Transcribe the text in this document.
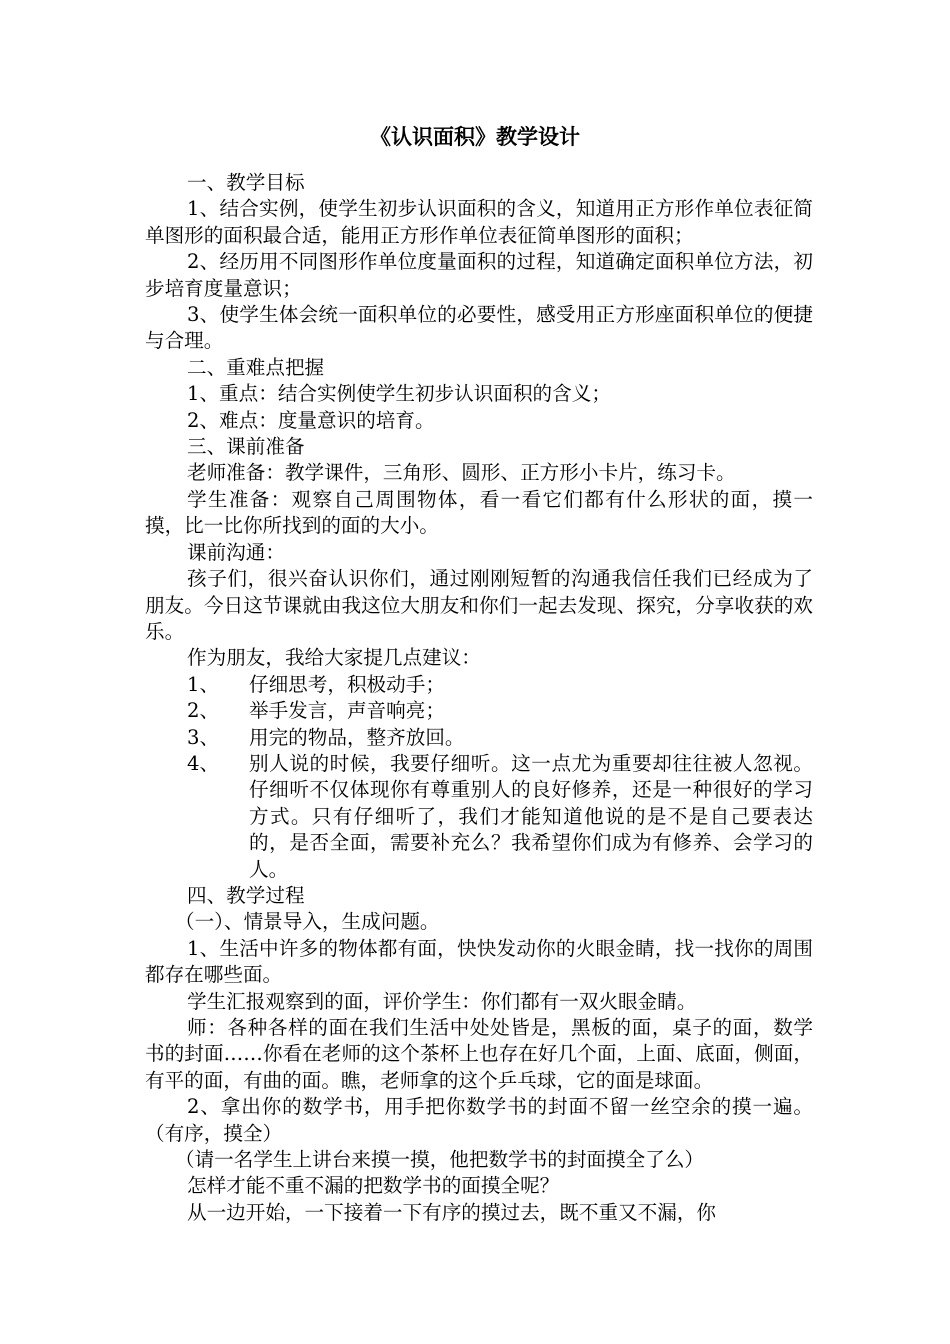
《认识面积》教学设计

一、教学目标

1、结合实例，使学生初步认识面积的含义，知道用正方形作单位表征简单图形的面积最合适，能用正方形作单位表征简单图形的面积；

2、经历用不同图形作单位度量面积的过程，知道确定面积单位方法，初步培育度量意识；

3、使学生体会统一面积单位的必要性，感受用正方形座面积单位的便捷与合理。

二、重难点把握

1、重点：结合实例使学生初步认识面积的含义；

2、难点：度量意识的培育。

三、课前准备

老师准备：教学课件，三角形、圆形、正方形小卡片，练习卡。

学生准备：观察自己周围物体，看一看它们都有什么形状的面，摸一摸，比一比你所找到的面的大小。

课前沟通：

孩子们，很兴奋认识你们，通过刚刚短暂的沟通我信任我们已经成为了朋友。今日这节课就由我这位大朋友和你们一起去发现、探究，分享收获的欢乐。

作为朋友，我给大家提几点建议：

1、	仔细思考，积极动手；
2、	举手发言，声音响亮；
3、	用完的物品，整齐放回。
4、	别人说的时候，我要仔细听。这一点尤为重要却往往被人忽视。仔细听不仅体现你有尊重别人的良好修养，还是一种很好的学习方式。只有仔细听了，我们才能知道他说的是不是自己要表达的，是否全面，需要补充么？我希望你们成为有修养、会学习的人。

四、教学过程

（一）、情景导入，生成问题。

1、生活中许多的物体都有面，快快发动你的火眼金睛，找一找你的周围都存在哪些面。

学生汇报观察到的面，评价学生：你们都有一双火眼金睛。

师：各种各样的面在我们生活中处处皆是，黑板的面，桌子的面，数学书的封面……你看在老师的这个茶杯上也存在好几个面，上面、底面，侧面，有平的面，有曲的面。瞧，老师拿的这个乒乓球，它的面是球面。

2、拿出你的数学书，用手把你数学书的封面不留一丝空余的摸一遍。（有序，摸全）

（请一名学生上讲台来摸一摸，他把数学书的封面摸全了么）

怎样才能不重不漏的把数学书的面摸全呢？

从一边开始，一下接着一下有序的摸过去，既不重又不漏，你
